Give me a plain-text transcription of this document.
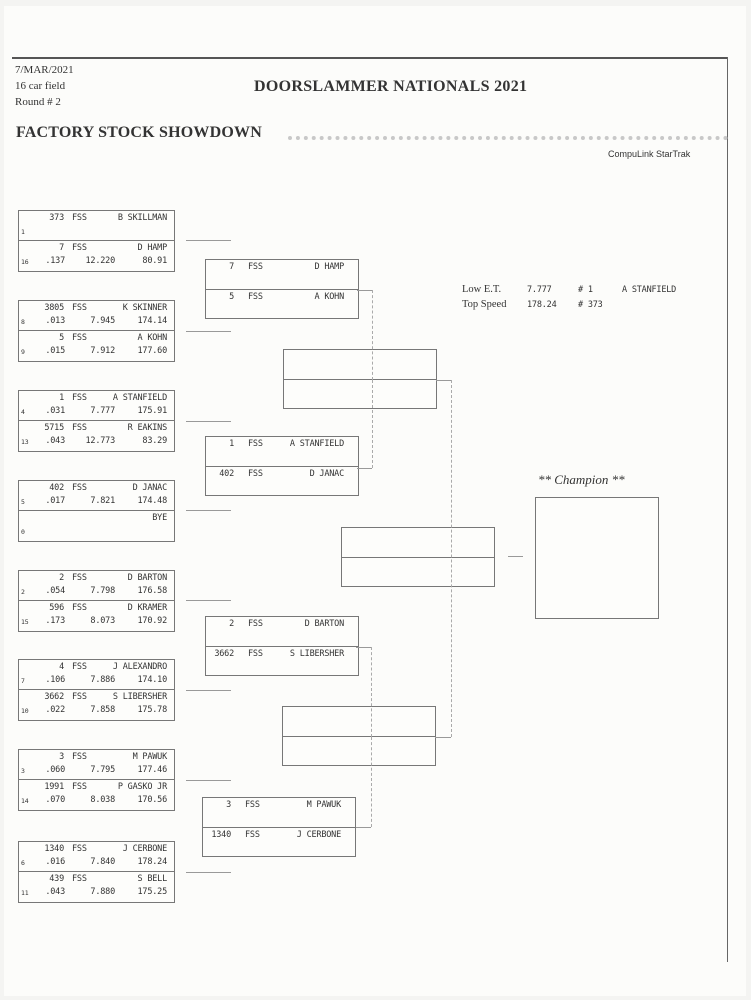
7/MAR/2021
16 car field
Round # 2
DOORSLAMMER NATIONALS 2021
FACTORY STOCK SHOWDOWN
CompuLink StarTrak
Low E.T.	7.777	# 1	A STANFIELD
Top Speed 178.24	# 373
** Champion **
373 FSS	B SKILLMAN
1
7 FSS	D HAMP
16	.137	12.220	80.91
3805 FSS	K SKINNER
8	.013	7.945	174.14
5 FSS	A KOHN
9	.015	7.912	177.60
1 FSS	A STANFIELD
4	.031	7.777	175.91
5715 FSS	R EAKINS
13	.043	12.773	83.29
402 FSS	D JANAC
5	.017	7.821	174.48
BYE
0
2 FSS	D BARTON
2	.054	7.798	176.58
596 FSS	D KRAMER
15	.173	8.073	170.92
4 FSS	J ALEXANDRO
7	.106	7.886	174.10
3662 FSS	S LIBERSHER
10	.022	7.858	175.78
3 FSS	M PAWUK
3	.060	7.795	177.46
1991 FSS	P GASKO JR
14	.070	8.038	170.56
1340 FSS	J CERBONE
6	.016	7.840	178.24
439 FSS	S BELL
11	.043	7.880	175.25
7 FSS	D HAMP
5 FSS	A KOHN
1 FSS	A STANFIELD
402 FSS	D JANAC
2 FSS	D BARTON
3662 FSS	S LIBERSHER
3 FSS	M PAWUK
1340 FSS	J CERBONE
